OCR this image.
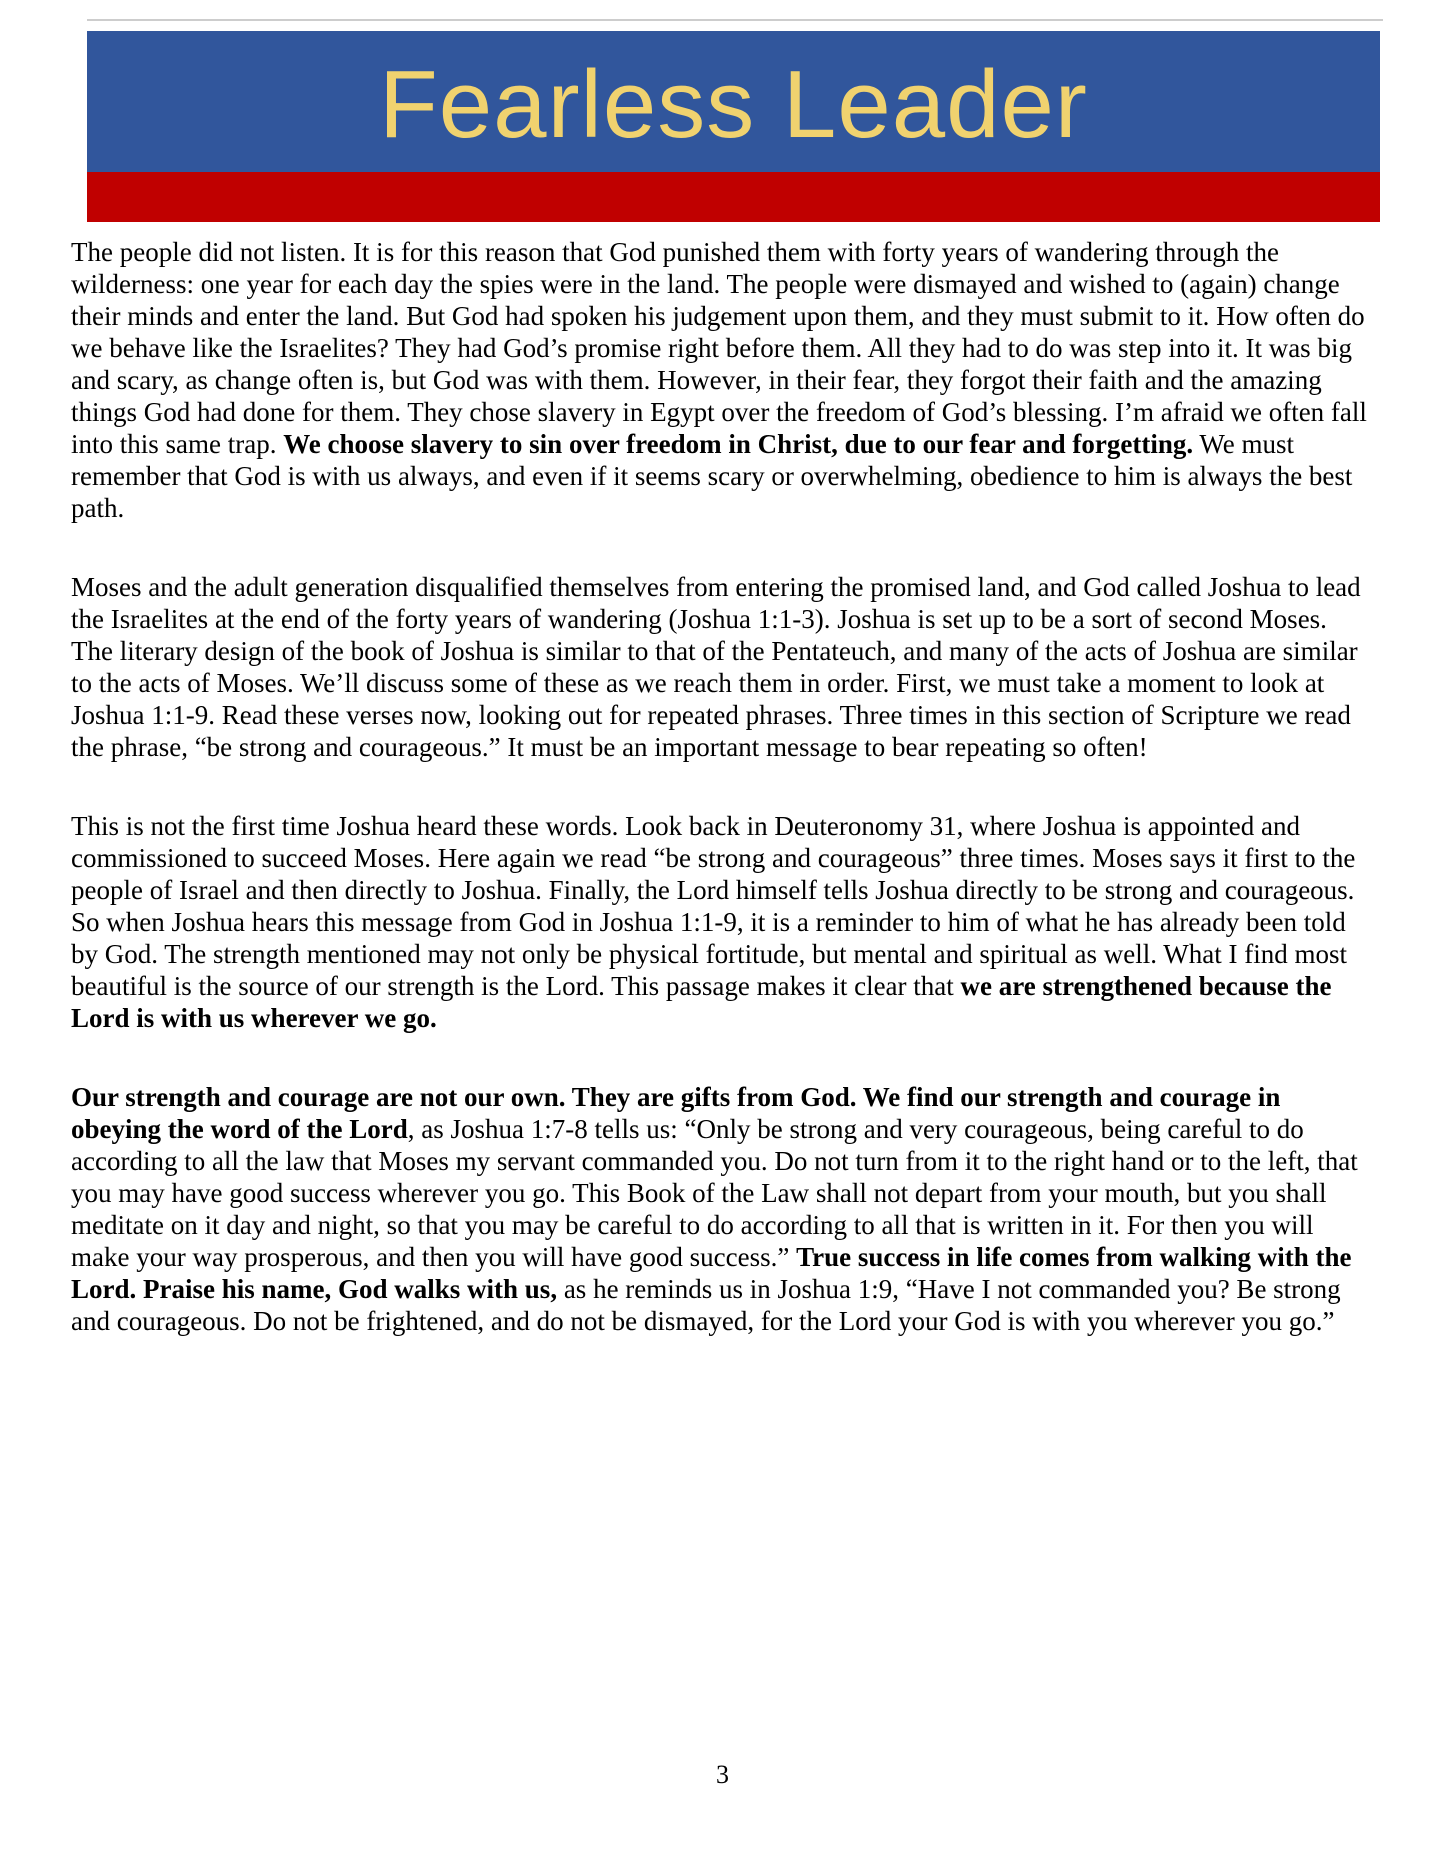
Fearless Leader

The people did not listen. It is for this reason that God punished them with forty years of wandering through the wilderness: one year for each day the spies were in the land. The people were dismayed and wished to (again) change their minds and enter the land. But God had spoken his judgement upon them, and they must submit to it. How often do we behave like the Israelites? They had God’s promise right before them. All they had to do was step into it. It was big and scary, as change often is, but God was with them. However, in their fear, they forgot their faith and the amazing things God had done for them. They chose slavery in Egypt over the freedom of God’s blessing. I’m afraid we often fall into this same trap. We choose slavery to sin over freedom in Christ, due to our fear and forgetting. We must remember that God is with us always, and even if it seems scary or overwhelming, obedience to him is always the best path.

Moses and the adult generation disqualified themselves from entering the promised land, and God called Joshua to lead the Israelites at the end of the forty years of wandering (Joshua 1:1-3). Joshua is set up to be a sort of second Moses. The literary design of the book of Joshua is similar to that of the Pentateuch, and many of the acts of Joshua are similar to the acts of Moses. We’ll discuss some of these as we reach them in order. First, we must take a moment to look at Joshua 1:1-9. Read these verses now, looking out for repeated phrases. Three times in this section of Scripture we read the phrase, “be strong and courageous.” It must be an important message to bear repeating so often!

This is not the first time Joshua heard these words. Look back in Deuteronomy 31, where Joshua is appointed and commissioned to succeed Moses. Here again we read “be strong and courageous” three times. Moses says it first to the people of Israel and then directly to Joshua. Finally, the Lord himself tells Joshua directly to be strong and courageous. So when Joshua hears this message from God in Joshua 1:1-9, it is a reminder to him of what he has already been told by God. The strength mentioned may not only be physical fortitude, but mental and spiritual as well. What I find most beautiful is the source of our strength is the Lord. This passage makes it clear that we are strengthened because the Lord is with us wherever we go.

Our strength and courage are not our own. They are gifts from God. We find our strength and courage in obeying the word of the Lord, as Joshua 1:7-8 tells us: “Only be strong and very courageous, being careful to do according to all the law that Moses my servant commanded you. Do not turn from it to the right hand or to the left, that you may have good success wherever you go. This Book of the Law shall not depart from your mouth, but you shall meditate on it day and night, so that you may be careful to do according to all that is written in it. For then you will make your way prosperous, and then you will have good success.” True success in life comes from walking with the Lord. Praise his name, God walks with us, as he reminds us in Joshua 1:9, “Have I not commanded you? Be strong and courageous. Do not be frightened, and do not be dismayed, for the Lord your God is with you wherever you go.”

3
